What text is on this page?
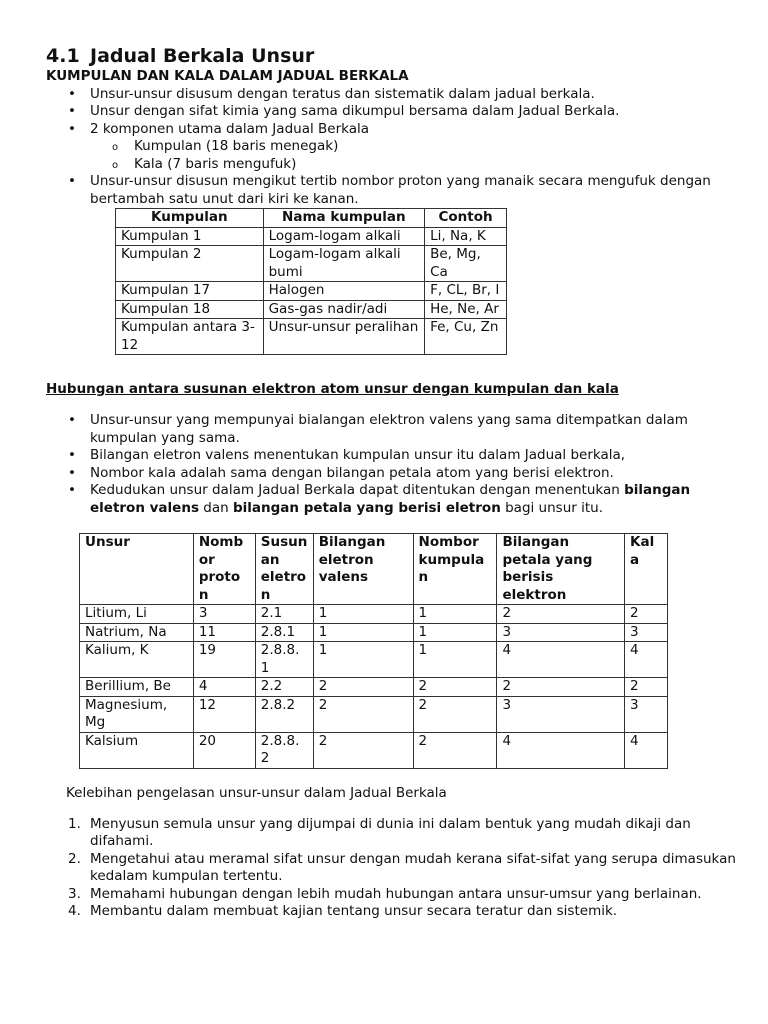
4.1 Jadual Berkala Unsur

KUMPULAN DAN KALA DALAM JADUAL BERKALA

• Unsur-unsur disusum dengan teratus dan sistematik dalam jadual berkala.
• Unsur dengan sifat kimia yang sama dikumpul bersama dalam Jadual Berkala.
• 2 komponen utama dalam Jadual Berkala
o Kumpulan (18 baris menegak)
o Kala (7 baris mengufuk)
• Unsur-unsur disusun mengikut tertib nombor proton yang manaik secara mengufuk dengan bertambah satu unut dari kiri ke kanan.
Kumpulan	Nama kumpulan	Contoh
Kumpulan 1	Logam-logam alkali	Li, Na, K
Kumpulan 2	Logam-logam alkali bumi	Be, Mg, Ca
Kumpulan 17	Halogen	F, CL, Br, I
Kumpulan 18	Gas-gas nadir/adi	He, Ne, Ar
Kumpulan antara 3-12	Unsur-unsur peralihan	Fe, Cu, Zn

Hubungan antara susunan elektron atom unsur dengan kumpulan dan kala

• Unsur-unsur yang mempunyai bialangan elektron valens yang sama ditempatkan dalam kumpulan yang sama.
• Bilangan eletron valens menentukan kumpulan unsur itu dalam Jadual berkala,
• Nombor kala adalah sama dengan bilangan petala atom yang berisi elektron.
• Kedudukan unsur dalam Jadual Berkala dapat ditentukan dengan menentukan bilangan eletron valens dan bilangan petala yang berisi eletron bagi unsur itu.
Unsur	Nomb or proto n	Susun an eletro n	Bilangan eletron valens	Nombor kumpula n	Bilangan petala yang berisis elektron	Kal a
Litium, Li	3	2.1	1	1	2	2
Natrium, Na	11	2.8.1	1	1	3	3
Kalium, K	19	2.8.8. 1	1	1	4	4
Berillium, Be	4	2.2	2	2	2	2
Magnesium, Mg	12	2.8.2	2	2	3	3
Kalsium	20	2.8.8. 2	2	2	4	4

Kelebihan pengelasan unsur-unsur dalam Jadual Berkala

1. Menyusun semula unsur yang dijumpai di dunia ini dalam bentuk yang mudah dikaji dan difahami.
2. Mengetahui atau meramal sifat unsur dengan mudah kerana sifat-sifat yang serupa dimasukan kedalam kumpulan tertentu.
3. Memahami hubungan dengan lebih mudah hubungan antara unsur-umsur yang berlainan.
4. Membantu dalam membuat kajian tentang unsur secara teratur dan sistemik.
